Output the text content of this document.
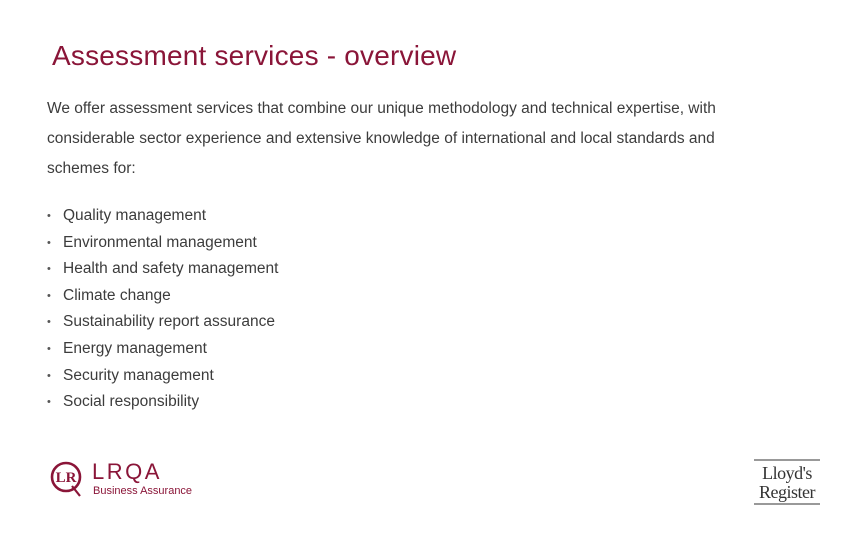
Assessment services - overview

We offer assessment services that combine our unique methodology and technical expertise, with considerable sector experience and extensive knowledge of international and local standards and schemes for:

• Quality management
• Environmental management
• Health and safety management
• Climate change
• Sustainability report assurance
• Energy management
• Security management
• Social responsibility
LR LRQA
Business Assurance
Lloyd's
Register
